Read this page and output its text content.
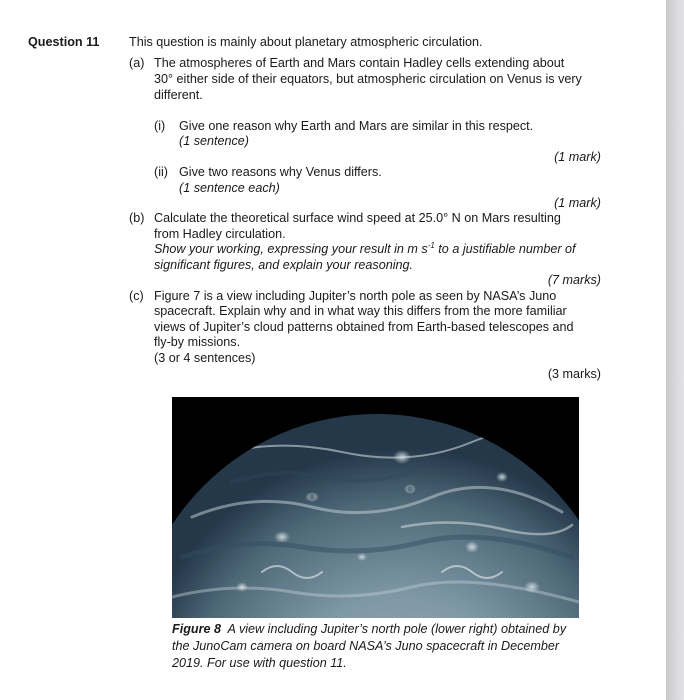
Question 11 This question is mainly about planetary atmospheric circulation.

(a) The atmospheres of Earth and Mars contain Hadley cells extending about

30° either side of their equators, but atmospheric circulation on Venus is very

different.

(i) Give one reason why Earth and Mars are similar in this respect.

(1 sentence)

(1 mark)

(ii) Give two reasons why Venus differs.

(1 sentence each)

(1 mark)

(b) Calculate the theoretical surface wind speed at 25.0° N on Mars resulting

from Hadley circulation.

Show your working, expressing your result in m $s^{-1}$ to a justifiable number of

significant figures, and explain your reasoning.

(7 marks)

(c) Figure 7 is a view including Jupiter’s north pole as seen by NASA’s Juno

spacecraft. Explain why and in what way this differs from the more familiar

views of Jupiter’s cloud patterns obtained from Earth-based telescopes and

fly-by missions.

(3 or 4 sentences)

(3 marks)

Figure 8 A view including Jupiter’s north pole (lower right) obtained by
the JunoCam camera on board NASA’s Juno spacecraft in December
2019. For use with question 11.
